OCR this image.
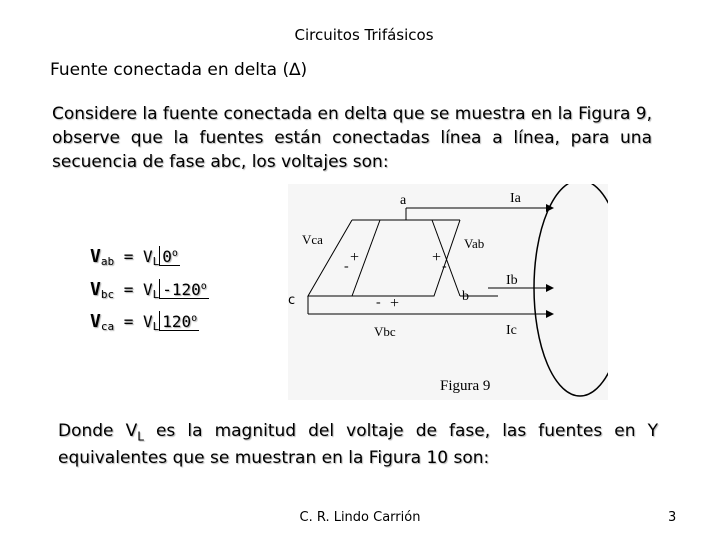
Circuitos Trifásicos
Fuente conectada en delta (∆)
Considere la fuente conectada en delta que se muestra en la Figura 9, observe que la fuentes están conectadas línea a línea, para una secuencia de fase abc, los voltajes son:
$V_{ab} = V_L$ 0$^o$
$V_{bc} = V_L$ -120$^o$
$V_{ca} = V_L$ 120$^o$
a
b
c
Vca	Vab
Vbc
Ia
Ib
Ic
+
-
+
-
- +
Figura 9
Donde $V_L$ es la magnitud del voltaje de fase, las fuentes en Y equivalentes que se muestran en la Figura 10 son:
C. R. Lindo Carrión	3
